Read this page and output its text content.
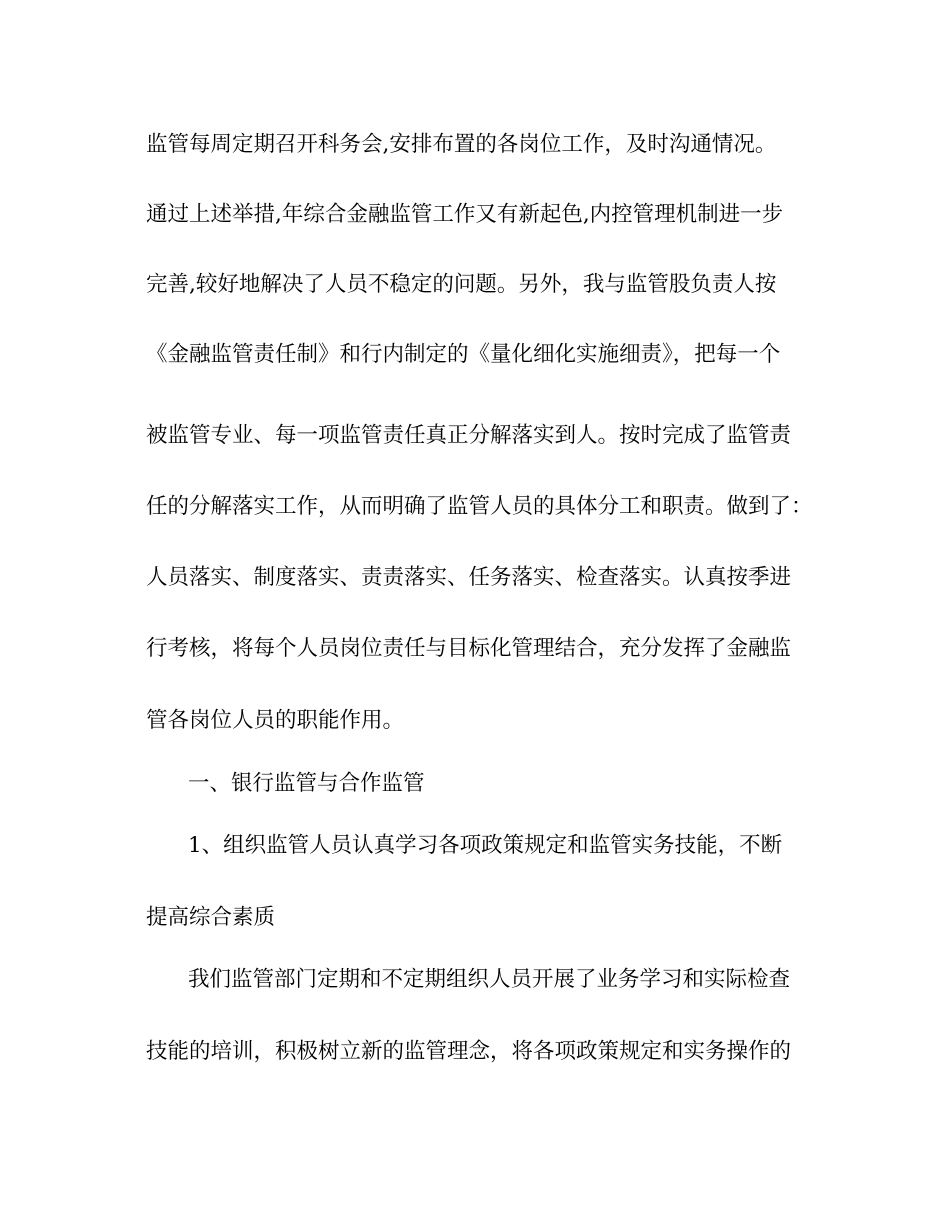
监管每周定期召开科务会,安排布置的各岗位工作，及时沟通情况。
通过上述举措,年综合金融监管工作又有新起色,内控管理机制进一步
完善,较好地解决了人员不稳定的问题。另外，我与监管股负责人按
《金融监管责任制》和行内制定的《量化细化实施细责》，把每一个
被监管专业、每一项监管责任真正分解落实到人。按时完成了监管责
任的分解落实工作，从而明确了监管人员的具体分工和职责。做到了：
人员落实、制度落实、责责落实、任务落实、检查落实。认真按季进
行考核，将每个人员岗位责任与目标化管理结合，充分发挥了金融监
管各岗位人员的职能作用。
一、银行监管与合作监管
1、组织监管人员认真学习各项政策规定和监管实务技能，不断
提高综合素质
我们监管部门定期和不定期组织人员开展了业务学习和实际检查
技能的培训，积极树立新的监管理念，将各项政策规定和实务操作的
